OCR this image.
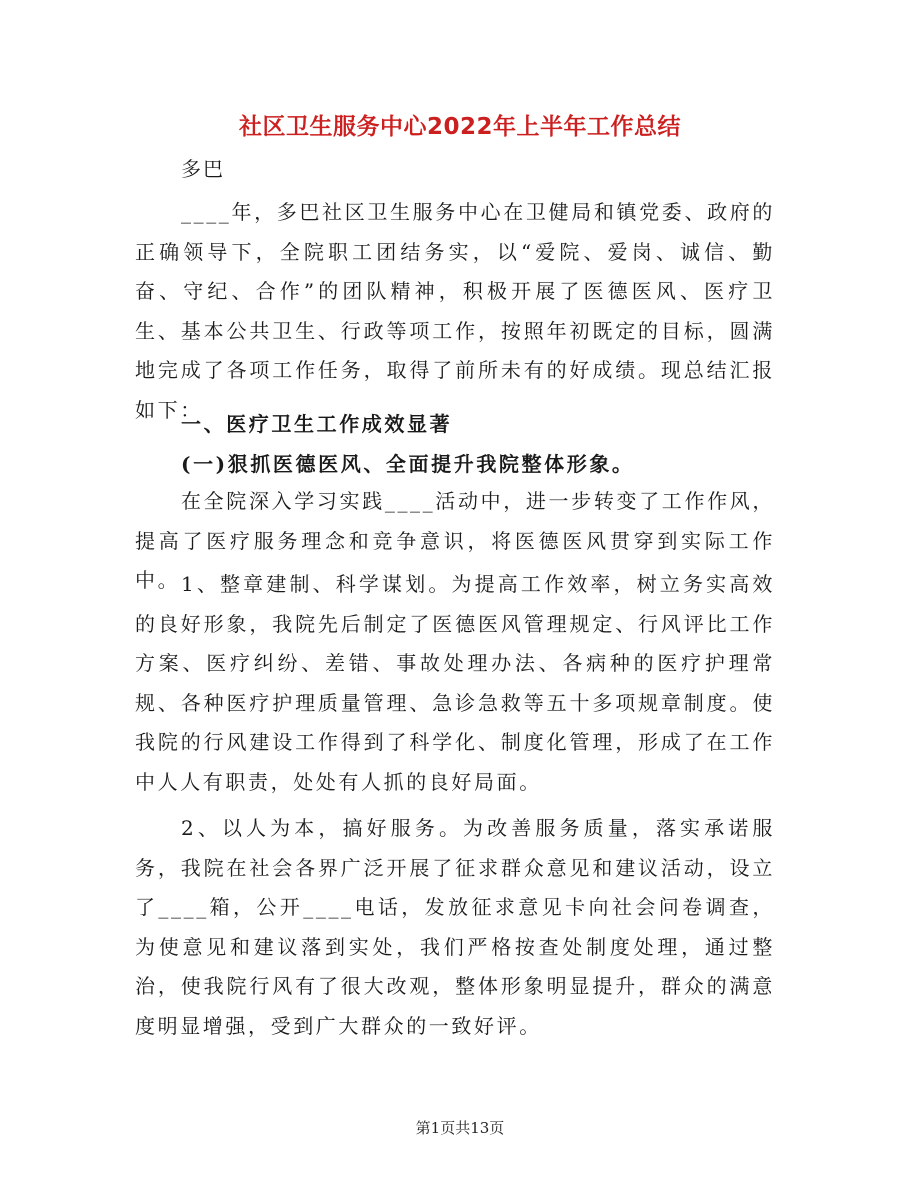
社区卫生服务中心2022年上半年工作总结
多巴

____年，多巴社区卫生服务中心在卫健局和镇党委、政府的正确领导下，全院职工团结务实，以“爱院、爱岗、诚信、勤奋、守纪、合作”的团队精神，积极开展了医德医风、医疗卫生、基本公共卫生、行政等项工作，按照年初既定的目标，圆满地完成了各项工作任务，取得了前所未有的好成绩。现总结汇报如下：

一、医疗卫生工作成效显著

(一)狠抓医德医风、全面提升我院整体形象。

在全院深入学习实践____活动中，进一步转变了工作作风，提高了医疗服务理念和竞争意识，将医德医风贯穿到实际工作中。 1、整章建制、科学谋划。为提高工作效率，树立务实高效的良好形象，我院先后制定了医德医风管理规定、行风评比工作方案、医疗纠纷、差错、事故处理办法、各病种的医疗护理常规、各种医疗护理质量管理、急诊急救等五十多项规章制度。使我院的行风建设工作得到了科学化、制度化管理，形成了在工作中人人有职责，处处有人抓的良好局面。

2、以人为本，搞好服务。为改善服务质量，落实承诺服务，我院在社会各界广泛开展了征求群众意见和建议活动，设立了____箱，公开____电话，发放征求意见卡向社会问卷调查，为使意见和建议落到实处，我们严格按查处制度处理，通过整治，使我院行风有了很大改观，整体形象明显提升，群众的满意度明显增强，受到广大群众的一致好评。

第1页共13页
